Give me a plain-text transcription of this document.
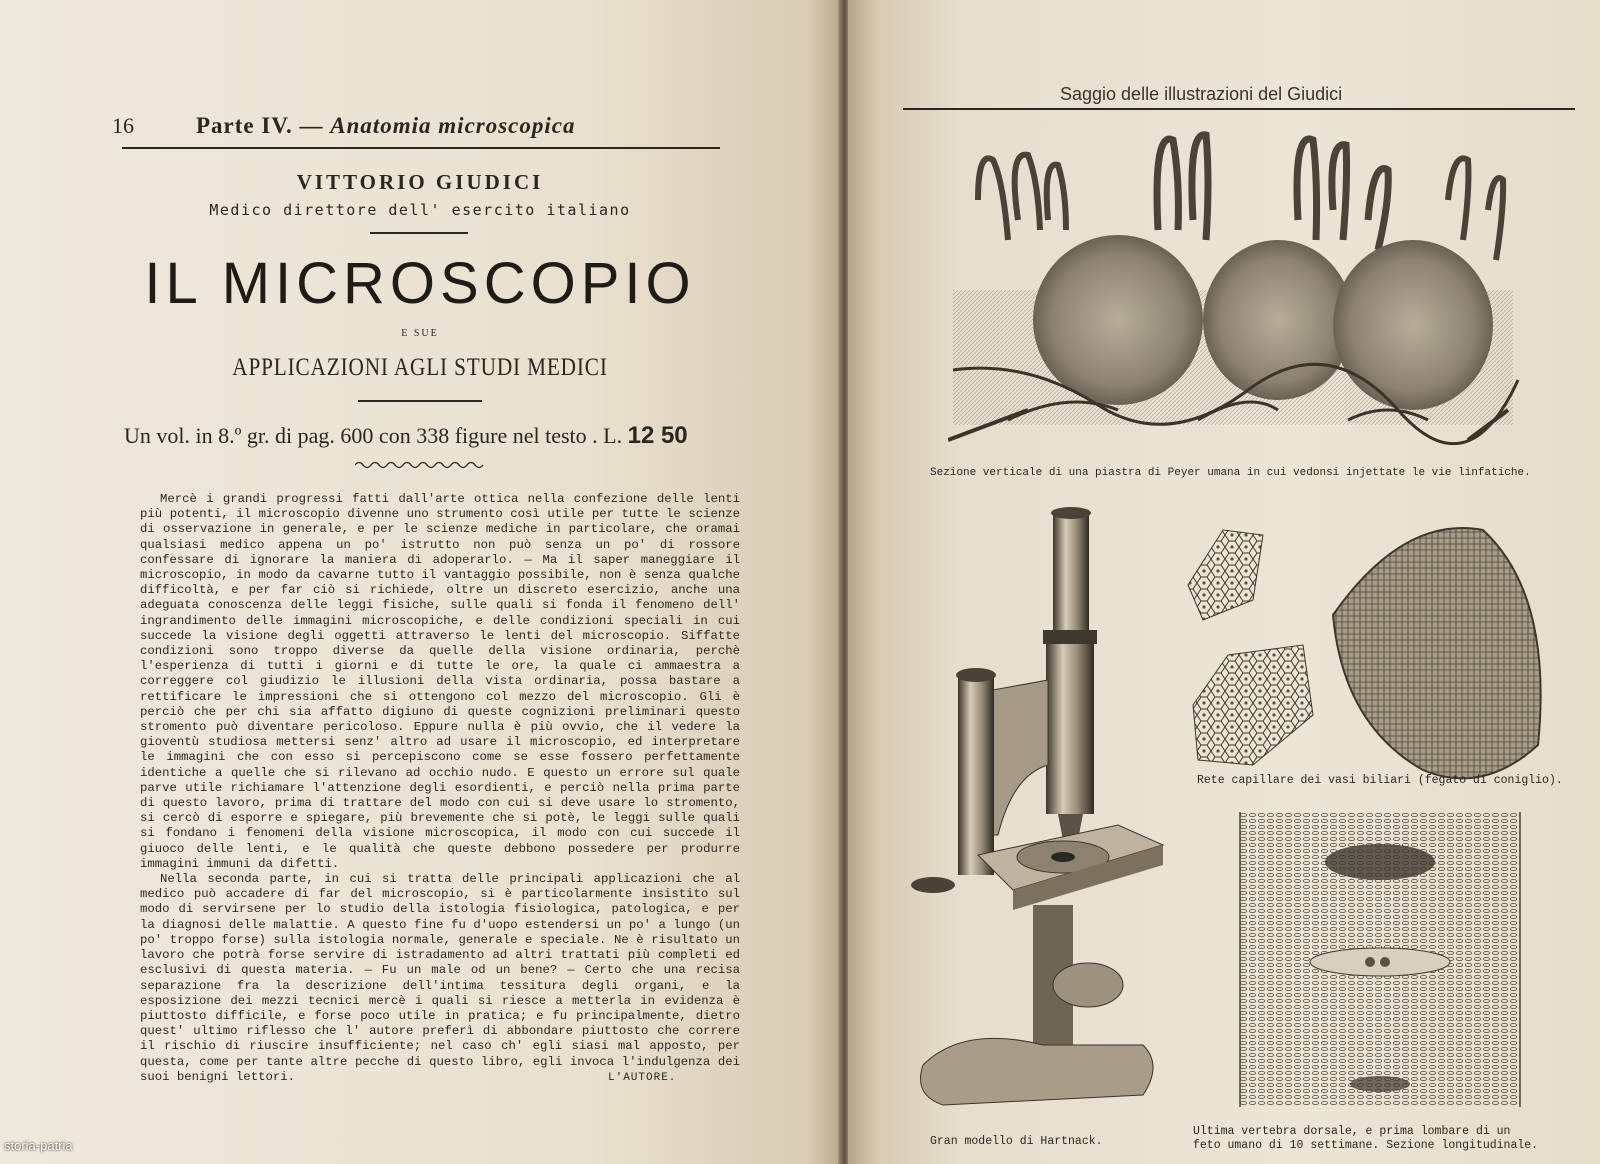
16	Parte IV. — Anatomia microscopica
VITTORIO GIUDICI
Medico direttore dell' esercito italiano
IL MICROSCOPIO
E SUE
APPLICAZIONI AGLI STUDI MEDICI
Un vol. in 8.º gr. di pag. 600 con 338 figure nel testo . L. 12 50

Mercè i grandi progressi fatti dall'arte ottica nella confezione delle lenti più potenti, il microscopio divenne uno strumento così utile per tutte le scienze di osservazione in generale, e per le scienze mediche in particolare, che oramai qualsiasi medico appena un po' istrutto non può senza un po' di rossore confessare di ignorare la maniera di adoperarlo. — Ma il saper maneggiare il microscopio, in modo da cavarne tutto il vantaggio possibile, non è senza qualche difficoltà, e per far ciò si richiede, oltre un discreto esercizio, anche una adeguata conoscenza delle leggi fisiche, sulle quali si fonda il fenomeno dell' ingrandimento delle immagini microscopiche, e delle condizioni speciali in cui succede la visione degli oggetti attraverso le lenti del microscopio. Siffatte condizioni sono troppo diverse da quelle della visione ordinaria, perchè l'esperienza di tutti i giorni e di tutte le ore, la quale ci ammaestra a correggere col giudizio le illusioni della vista ordinaria, possa bastare a rettificare le impressioni che si ottengono col mezzo del microscopio. Gli è perciò che per chi sia affatto digiuno di queste cognizioni preliminari questo stromento può diventare pericoloso. Eppure nulla è più ovvio, che il vedere la gioventù studiosa mettersi senz' altro ad usare il microscopio, ed interpretare le immagini che con esso si percepiscono come se esse fossero perfettamente identiche a quelle che si rilevano ad occhio nudo. E questo un errore sul quale parve utile richiamare l'attenzione degli esordienti, e perciò nella prima parte di questo lavoro, prima di trattare del modo con cui si deve usare lo stromento, si cercò di esporre e spiegare, più brevemente che si potè, le leggi sulle quali si fondano i fenomeni della visione microscopica, il modo con cui succede il giuoco delle lenti, e le qualità che queste debbono possedere per produrre immagini immuni da difetti.

Nella seconda parte, in cui si tratta delle principali applicazioni che al medico può accadere di far del microscopio, si è particolarmente insistito sul modo di servirsene per lo studio della istologia fisiologica, patologica, e per la diagnosi delle malattie. A questo fine fu d'uopo estendersi un po' a lungo (un po' troppo forse) sulla istologia normale, generale e speciale. Ne è risultato un lavoro che potrà forse servire di istradamento ad altri trattati più completi ed esclusivi di questa materia. — Fu un male od un bene? — Certo che una recisa separazione fra la descrizione dell'intima tessitura degli organi, e la esposizione dei mezzi tecnici mercè i quali si riesce a metterla in evidenza è piuttosto difficile, e forse poco utile in pratica; e fu principalmente, dietro quest' ultimo riflesso che l' autore preferì di abbondare piuttosto che correre il rischio di riuscire insufficiente; nel caso ch' egli siasi mal apposto, per questa, come per tante altre pecche di questo libro, egli invoca l'indulgenza dei suoi benigni lettori.	L'AUTORE.
Saggio delle illustrazioni del Giudici
Sezione verticale di una piastra di Peyer umana in cui vedonsi injettate le vie linfatiche.
Gran modello di Hartnack.
Rete capillare dei vasi biliari (fegato di coniglio).
Ultima vertebra dorsale, e prima lombare di un
feto umano di 10 settimane. Sezione longitudinale.
storia-patria
